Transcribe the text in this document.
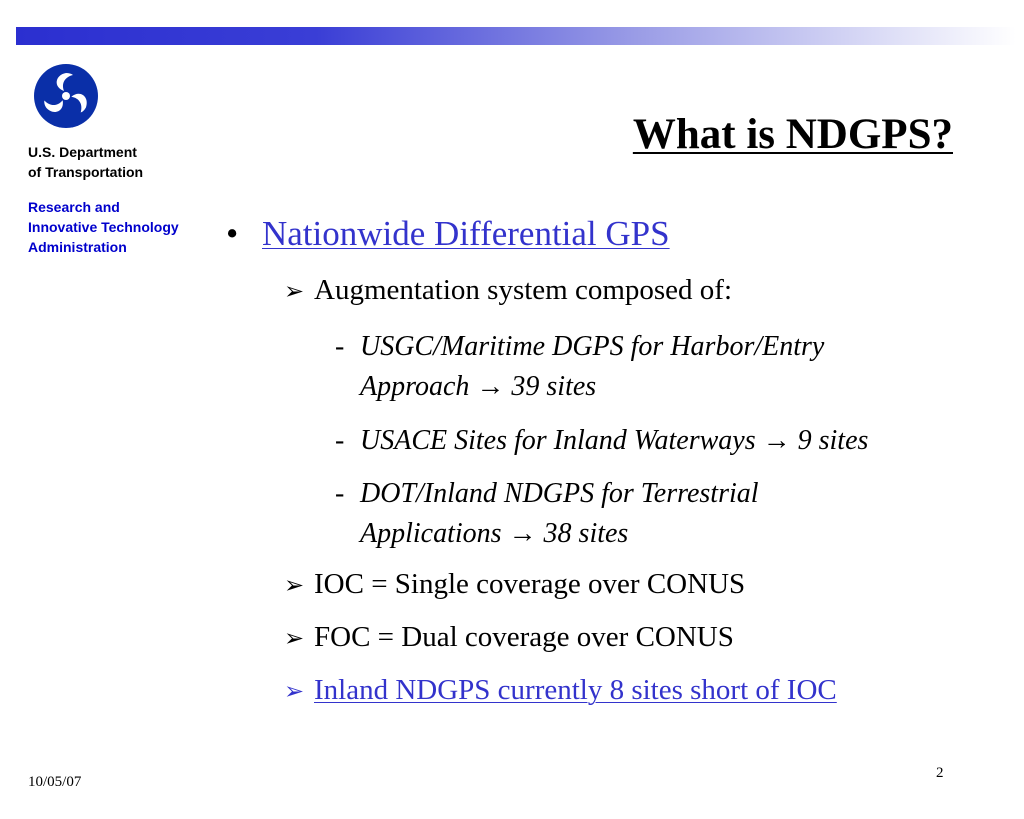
U.S. Department
of Transportation
Research and
Innovative Technology
Administration
What is NDGPS?
• Nationwide Differential GPS
➢ Augmentation system composed of:
- USGC/Maritime DGPS for Harbor/Entry
Approach → 39 sites
- USACE Sites for Inland Waterways → 9 sites
- DOT/Inland NDGPS for Terrestrial
Applications → 38 sites
➢ IOC = Single coverage over CONUS
➢ FOC = Dual coverage over CONUS
➢ Inland NDGPS currently 8 sites short of IOC
10/05/07
2
